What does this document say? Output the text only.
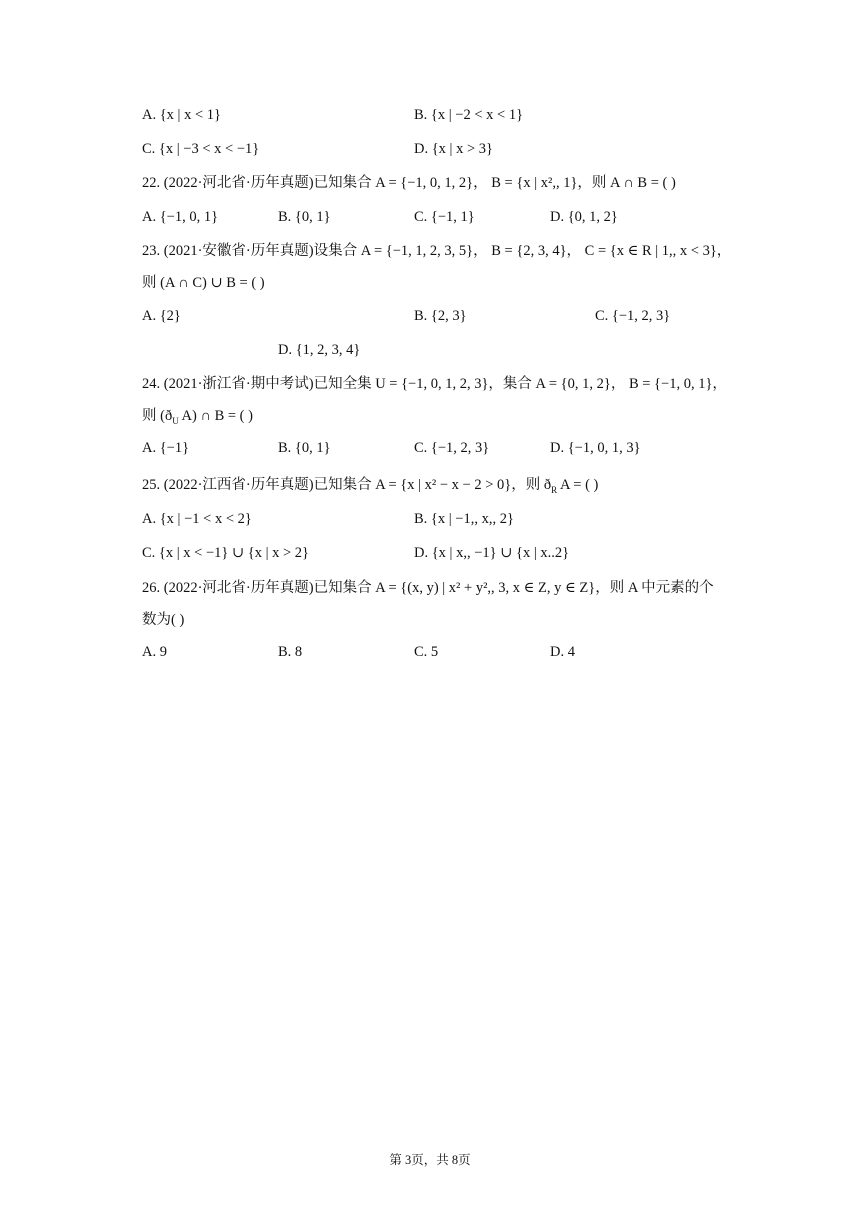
A. {x | x < 1}	B. {x | −2 < x < 1}
C. {x | −3 < x < −1}	D. {x | x > 3}
22. (2022·河北省·历年真题)已知集合 A = {−1, 0, 1, 2}， B = {x | x²,, 1}，则 A ∩ B = ( )
A. {−1, 0, 1}	B. {0, 1}	C. {−1, 1}	D. {0, 1, 2}
23. (2021·安徽省·历年真题)设集合 A = {−1, 1, 2, 3, 5}， B = {2, 3, 4}， C = {x ∈ R | 1,, x < 3}，
则 (A ∩ C) ∪ B = ( )
A. {2}	B. {2, 3}	C. {−1, 2, 3}
D. {1, 2, 3, 4}
24. (2021·浙江省·期中考试)已知全集 U = {−1, 0, 1, 2, 3}，集合 A = {0, 1, 2}， B = {−1, 0, 1}，
则 ($ð_U$ A) ∩ B = ( )
A. {−1}	B. {0, 1}	C. {−1, 2, 3}	D. {−1, 0, 1, 3}
25. (2022·江西省·历年真题)已知集合 A = {x | x² − x − 2 > 0}，则 $ð_R$ A = ( )
A. {x | −1 < x < 2}	B. {x | −1,, x,, 2}
C. {x | x < −1} ∪ {x | x > 2}	D. {x | x,, −1} ∪ {x | x..2}
26. (2022·河北省·历年真题)已知集合 A = {(x, y) | x² + y²,, 3, x ∈ Z, y ∈ Z}，则 A 中元素的个
数为( )
A. 9	B. 8	C. 5	D. 4
第 3页，共 8页
